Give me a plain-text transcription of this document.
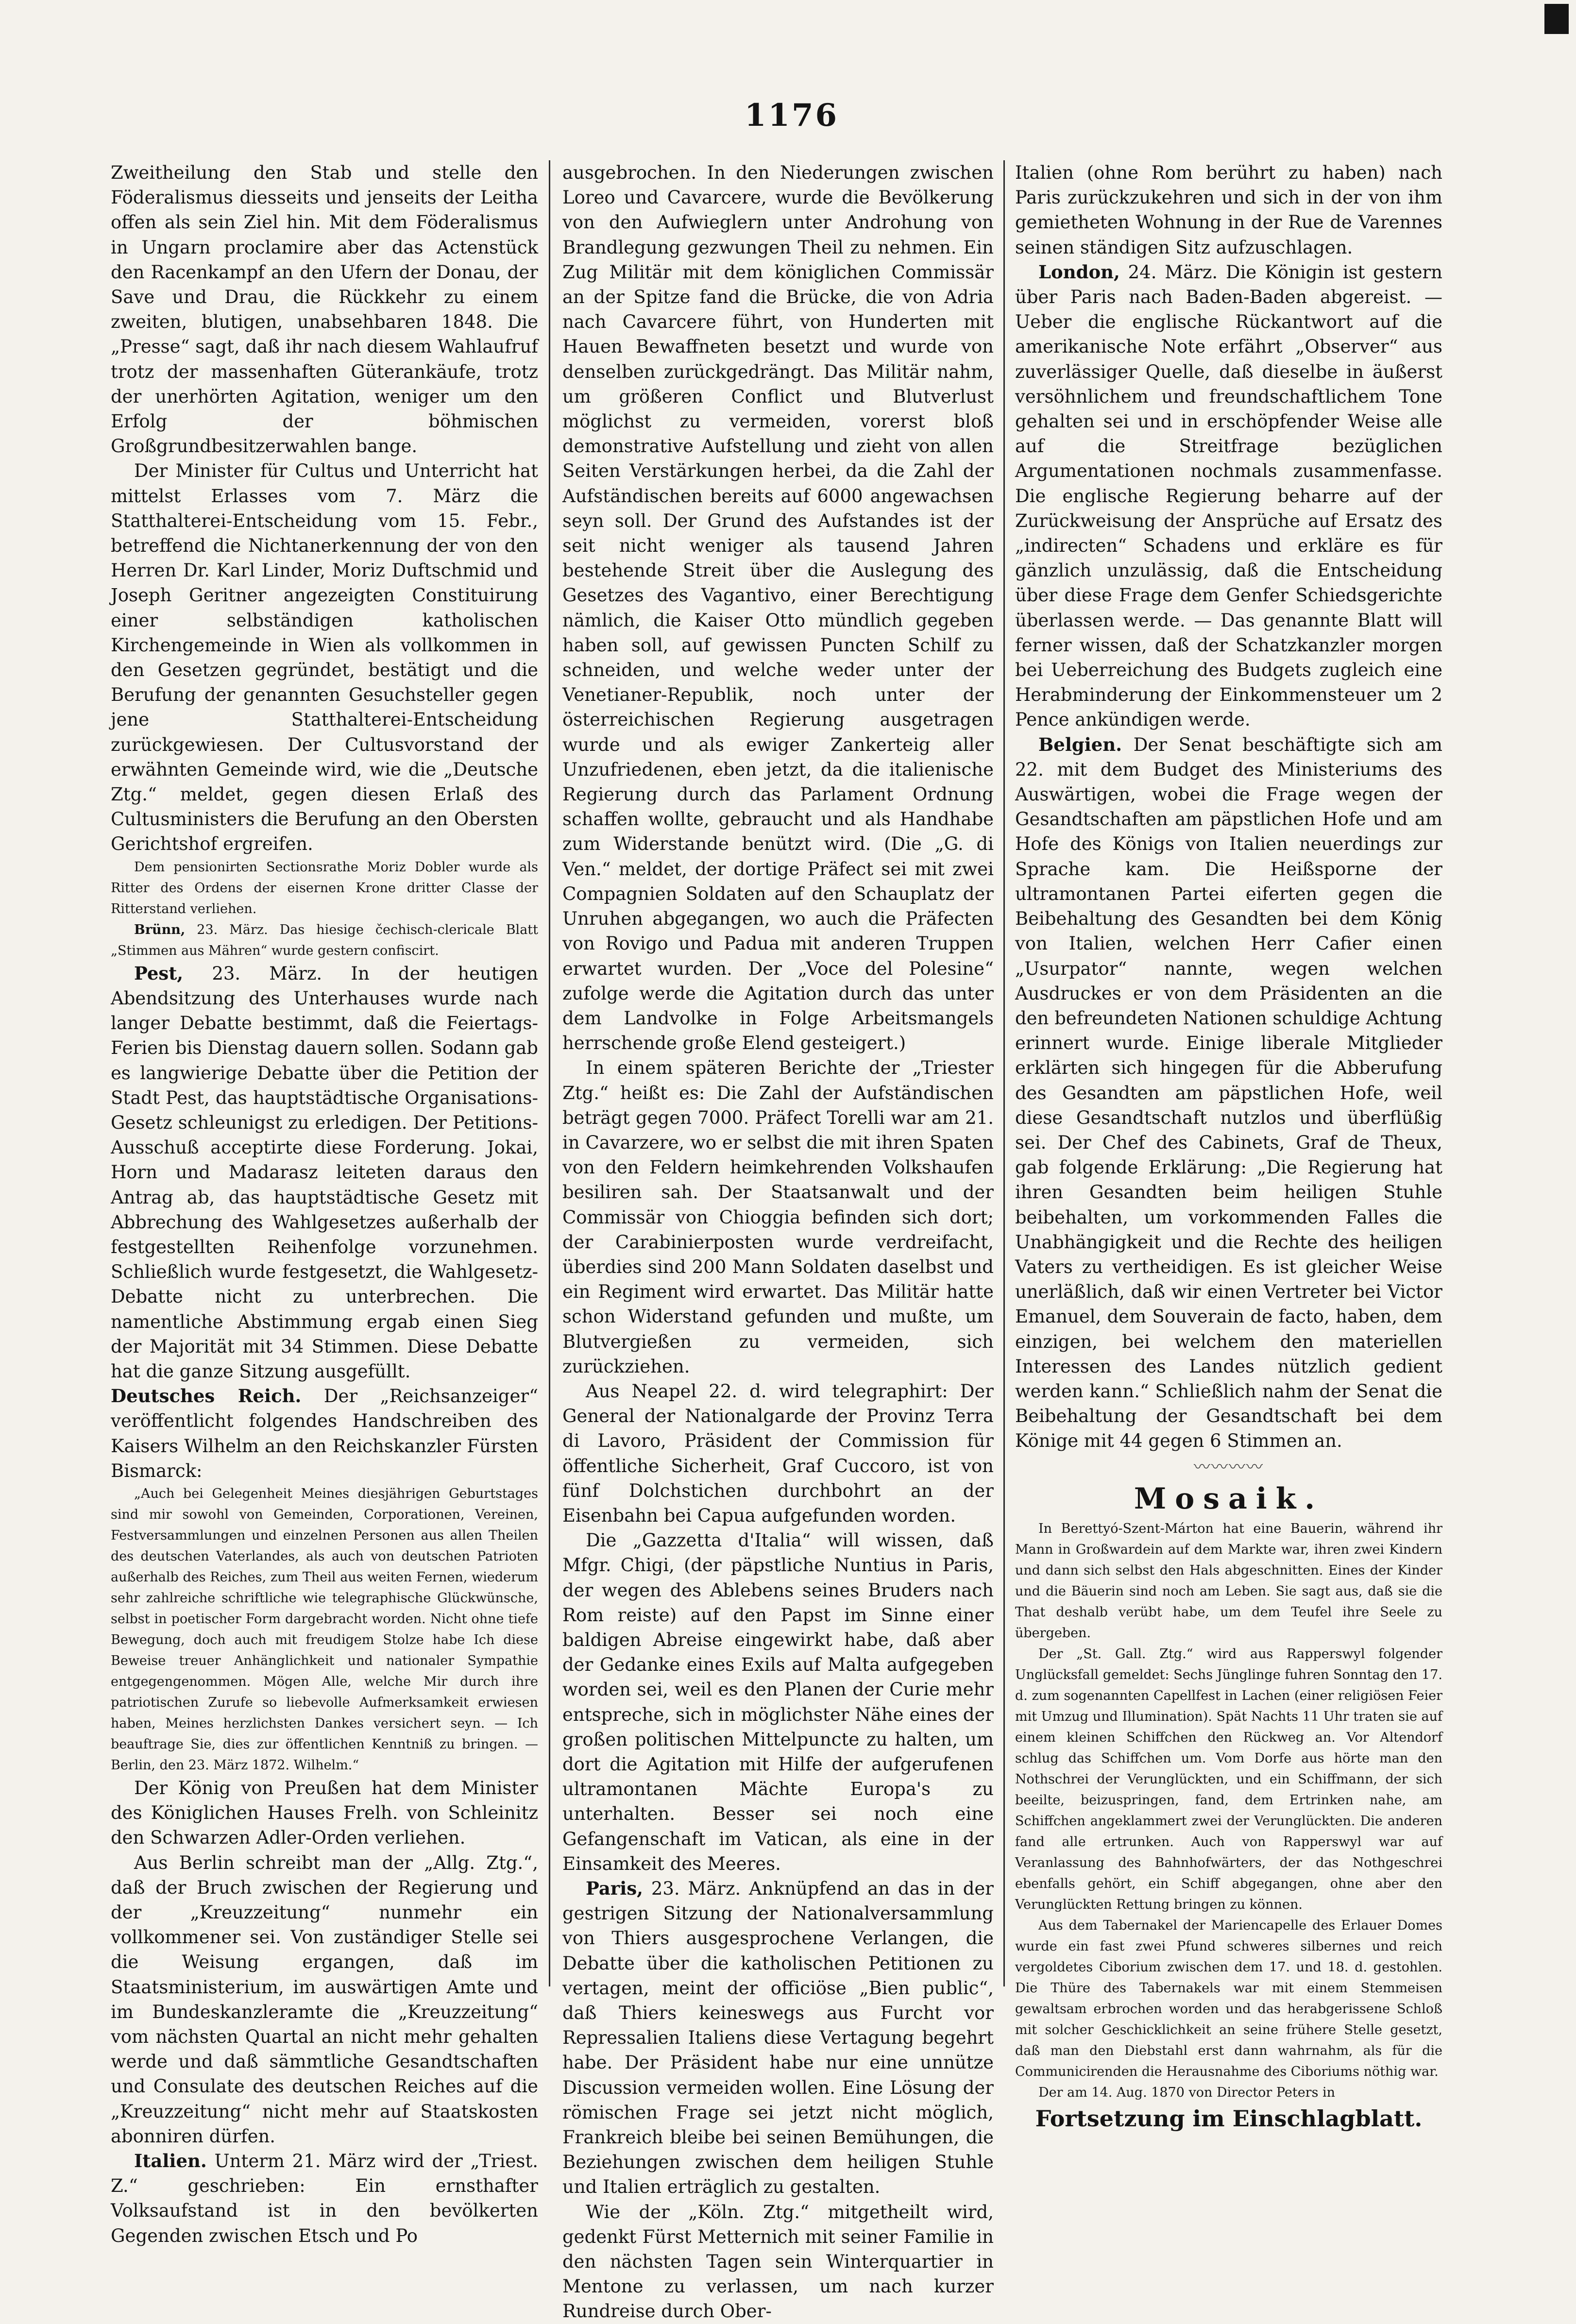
1176

Zweitheilung den Stab und stelle den Föderalismus diesseits und jenseits der Leitha offen als sein Ziel hin. Mit dem Föderalismus in Ungarn proclamire aber das Actenstück den Racenkampf an den Ufern der Donau, der Save und Drau, die Rückkehr zu einem zweiten, blutigen, unabsehbaren 1848. Die „Presse“ sagt, daß ihr nach diesem Wahlaufruf trotz der massenhaften Güterankäufe, trotz der unerhörten Agitation, weniger um den Erfolg der böhmischen Großgrundbesitzerwahlen bange.

Der Minister für Cultus und Unterricht hat mittelst Erlasses vom 7. März die Statthalterei-Entscheidung vom 15. Febr., betreffend die Nichtanerkennung der von den Herren Dr. Karl Linder, Moriz Duftschmid und Joseph Geritner angezeigten Constituirung einer selbständigen katholischen Kirchengemeinde in Wien als vollkommen in den Gesetzen gegründet, bestätigt und die Berufung der genannten Gesuchsteller gegen jene Statthalterei-Entscheidung zurückgewiesen. Der Cultusvorstand der erwähnten Gemeinde wird, wie die „Deutsche Ztg.“ meldet, gegen diesen Erlaß des Cultusministers die Berufung an den Obersten Gerichtshof ergreifen.

Dem pensionirten Sectionsrathe Moriz Dobler wurde als Ritter des Ordens der eisernen Krone dritter Classe der Ritterstand verliehen.

Brünn, 23. März. Das hiesige čechisch-clericale Blatt „Stimmen aus Mähren“ wurde gestern confiscirt.

Pest, 23. März. In der heutigen Abendsitzung des Unterhauses wurde nach langer Debatte bestimmt, daß die Feiertags-Ferien bis Dienstag dauern sollen. Sodann gab es langwierige Debatte über die Petition der Stadt Pest, das hauptstädtische Organisations-Gesetz schleunigst zu erledigen. Der Petitions-Ausschuß acceptirte diese Forderung. Jokai, Horn und Madarasz leiteten daraus den Antrag ab, das hauptstädtische Gesetz mit Abbrechung des Wahlgesetzes außerhalb der festgestellten Reihenfolge vorzunehmen. Schließlich wurde festgesetzt, die Wahlgesetz-Debatte nicht zu unterbrechen. Die namentliche Abstimmung ergab einen Sieg der Majorität mit 34 Stimmen. Diese Debatte hat die ganze Sitzung ausgefüllt.

Deutsches Reich. Der „Reichsanzeiger“ veröffentlicht folgendes Handschreiben des Kaisers Wilhelm an den Reichskanzler Fürsten Bismarck:

„Auch bei Gelegenheit Meines diesjährigen Geburtstages sind mir sowohl von Gemeinden, Corporationen, Vereinen, Festversammlungen und einzelnen Personen aus allen Theilen des deutschen Vaterlandes, als auch von deutschen Patrioten außerhalb des Reiches, zum Theil aus weiten Fernen, wiederum sehr zahlreiche schriftliche wie telegraphische Glückwünsche, selbst in poetischer Form dargebracht worden. Nicht ohne tiefe Bewegung, doch auch mit freudigem Stolze habe Ich diese Beweise treuer Anhänglichkeit und nationaler Sympathie entgegengenommen. Mögen Alle, welche Mir durch ihre patriotischen Zurufe so liebevolle Aufmerksamkeit erwiesen haben, Meines herzlichsten Dankes versichert seyn. — Ich beauftrage Sie, dies zur öffentlichen Kenntniß zu bringen. — Berlin, den 23. März 1872. Wilhelm.“

Der König von Preußen hat dem Minister des Königlichen Hauses Frelh. von Schleinitz den Schwarzen Adler-Orden verliehen.

Aus Berlin schreibt man der „Allg. Ztg.“, daß der Bruch zwischen der Regierung und der „Kreuzzeitung“ nunmehr ein vollkommener sei. Von zuständiger Stelle sei die Weisung ergangen, daß im Staatsministerium, im auswärtigen Amte und im Bundeskanzleramte die „Kreuzzeitung“ vom nächsten Quartal an nicht mehr gehalten werde und daß sämmtliche Gesandtschaften und Consulate des deutschen Reiches auf die „Kreuzzeitung“ nicht mehr auf Staatskosten abonniren dürfen.

Italien. Unterm 21. März wird der „Triest. Z.“ geschrieben: Ein ernsthafter Volksaufstand ist in den bevölkerten Gegenden zwischen Etsch und Po

ausgebrochen. In den Niederungen zwischen Loreo und Cavarcere, wurde die Bevölkerung von den Aufwieglern unter Androhung von Brandlegung gezwungen Theil zu nehmen. Ein Zug Militär mit dem königlichen Commissär an der Spitze fand die Brücke, die von Adria nach Cavarcere führt, von Hunderten mit Hauen Bewaffneten besetzt und wurde von denselben zurückgedrängt. Das Militär nahm, um größeren Conflict und Blutverlust möglichst zu vermeiden, vorerst bloß demonstrative Aufstellung und zieht von allen Seiten Verstärkungen herbei, da die Zahl der Aufständischen bereits auf 6000 angewachsen seyn soll. Der Grund des Aufstandes ist der seit nicht weniger als tausend Jahren bestehende Streit über die Auslegung des Gesetzes des Vagantivo, einer Berechtigung nämlich, die Kaiser Otto mündlich gegeben haben soll, auf gewissen Puncten Schilf zu schneiden, und welche weder unter der Venetianer-Republik, noch unter der österreichischen Regierung ausgetragen wurde und als ewiger Zankerteig aller Unzufriedenen, eben jetzt, da die italienische Regierung durch das Parlament Ordnung schaffen wollte, gebraucht und als Handhabe zum Widerstande benützt wird. (Die „G. di Ven.“ meldet, der dortige Präfect sei mit zwei Compagnien Soldaten auf den Schauplatz der Unruhen abgegangen, wo auch die Präfecten von Rovigo und Padua mit anderen Truppen erwartet wurden. Der „Voce del Polesine“ zufolge werde die Agitation durch das unter dem Landvolke in Folge Arbeitsmangels herrschende große Elend gesteigert.)

In einem späteren Berichte der „Triester Ztg.“ heißt es: Die Zahl der Aufständischen beträgt gegen 7000. Präfect Torelli war am 21. in Cavarzere, wo er selbst die mit ihren Spaten von den Feldern heimkehrenden Volkshaufen besiliren sah. Der Staatsanwalt und der Commissär von Chioggia befinden sich dort; der Carabinierposten wurde verdreifacht, überdies sind 200 Mann Soldaten daselbst und ein Regiment wird erwartet. Das Militär hatte schon Widerstand gefunden und mußte, um Blutvergießen zu vermeiden, sich zurückziehen.

Aus Neapel 22. d. wird telegraphirt: Der General der Nationalgarde der Provinz Terra di Lavoro, Präsident der Commission für öffentliche Sicherheit, Graf Cuccoro, ist von fünf Dolchstichen durchbohrt an der Eisenbahn bei Capua aufgefunden worden.

Die „Gazzetta d'Italia“ will wissen, daß Mfgr. Chigi, (der päpstliche Nuntius in Paris, der wegen des Ablebens seines Bruders nach Rom reiste) auf den Papst im Sinne einer baldigen Abreise eingewirkt habe, daß aber der Gedanke eines Exils auf Malta aufgegeben worden sei, weil es den Planen der Curie mehr entspreche, sich in möglichster Nähe eines der großen politischen Mittelpuncte zu halten, um dort die Agitation mit Hilfe der aufgerufenen ultramontanen Mächte Europa's zu unterhalten. Besser sei noch eine Gefangenschaft im Vatican, als eine in der Einsamkeit des Meeres.

Paris, 23. März. Anknüpfend an das in der gestrigen Sitzung der Nationalversammlung von Thiers ausgesprochene Verlangen, die Debatte über die katholischen Petitionen zu vertagen, meint der officiöse „Bien public“, daß Thiers keineswegs aus Furcht vor Repressalien Italiens diese Vertagung begehrt habe. Der Präsident habe nur eine unnütze Discussion vermeiden wollen. Eine Lösung der römischen Frage sei jetzt nicht möglich, Frankreich bleibe bei seinen Bemühungen, die Beziehungen zwischen dem heiligen Stuhle und Italien erträglich zu gestalten.

Wie der „Köln. Ztg.“ mitgetheilt wird, gedenkt Fürst Metternich mit seiner Familie in den nächsten Tagen sein Winterquartier in Mentone zu verlassen, um nach kurzer Rundreise durch Ober-

Italien (ohne Rom berührt zu haben) nach Paris zurückzukehren und sich in der von ihm gemietheten Wohnung in der Rue de Varennes seinen ständigen Sitz aufzuschlagen.

London, 24. März. Die Königin ist gestern über Paris nach Baden-Baden abgereist. — Ueber die englische Rückantwort auf die amerikanische Note erfährt „Observer“ aus zuverlässiger Quelle, daß dieselbe in äußerst versöhnlichem und freundschaftlichem Tone gehalten sei und in erschöpfender Weise alle auf die Streitfrage bezüglichen Argumentationen nochmals zusammenfasse. Die englische Regierung beharre auf der Zurückweisung der Ansprüche auf Ersatz des „indirecten“ Schadens und erkläre es für gänzlich unzulässig, daß die Entscheidung über diese Frage dem Genfer Schiedsgerichte überlassen werde. — Das genannte Blatt will ferner wissen, daß der Schatzkanzler morgen bei Ueberreichung des Budgets zugleich eine Herabminderung der Einkommensteuer um 2 Pence ankündigen werde.

Belgien. Der Senat beschäftigte sich am 22. mit dem Budget des Ministeriums des Auswärtigen, wobei die Frage wegen der Gesandtschaften am päpstlichen Hofe und am Hofe des Königs von Italien neuerdings zur Sprache kam. Die Heißsporne der ultramontanen Partei eiferten gegen die Beibehaltung des Gesandten bei dem König von Italien, welchen Herr Cafier einen „Usurpator“ nannte, wegen welchen Ausdruckes er von dem Präsidenten an die den befreundeten Nationen schuldige Achtung erinnert wurde. Einige liberale Mitglieder erklärten sich hingegen für die Abberufung des Gesandten am päpstlichen Hofe, weil diese Gesandtschaft nutzlos und überflüßig sei. Der Chef des Cabinets, Graf de Theux, gab folgende Erklärung: „Die Regierung hat ihren Gesandten beim heiligen Stuhle beibehalten, um vorkommenden Falles die Unabhängigkeit und die Rechte des heiligen Vaters zu vertheidigen. Es ist gleicher Weise unerläßlich, daß wir einen Vertreter bei Victor Emanuel, dem Souverain de facto, haben, dem einzigen, bei welchem den materiellen Interessen des Landes nützlich gedient werden kann.“ Schließlich nahm der Senat die Beibehaltung der Gesandtschaft bei dem Könige mit 44 gegen 6 Stimmen an.

〰〰〰〰
Mosaik.

In Berettyó-Szent-Márton hat eine Bauerin, während ihr Mann in Großwardein auf dem Markte war, ihren zwei Kindern und dann sich selbst den Hals abgeschnitten. Eines der Kinder und die Bäuerin sind noch am Leben. Sie sagt aus, daß sie die That deshalb verübt habe, um dem Teufel ihre Seele zu übergeben.

Der „St. Gall. Ztg.“ wird aus Rapperswyl folgender Unglücksfall gemeldet: Sechs Jünglinge fuhren Sonntag den 17. d. zum sogenannten Capellfest in Lachen (einer religiösen Feier mit Umzug und Illumination). Spät Nachts 11 Uhr traten sie auf einem kleinen Schiffchen den Rückweg an. Vor Altendorf schlug das Schiffchen um. Vom Dorfe aus hörte man den Nothschrei der Verunglückten, und ein Schiffmann, der sich beeilte, beizuspringen, fand, dem Ertrinken nahe, am Schiffchen angeklammert zwei der Verunglückten. Die anderen fand alle ertrunken. Auch von Rapperswyl war auf Veranlassung des Bahnhofwärters, der das Nothgeschrei ebenfalls gehört, ein Schiff abgegangen, ohne aber den Verunglückten Rettung bringen zu können.

Aus dem Tabernakel der Mariencapelle des Erlauer Domes wurde ein fast zwei Pfund schweres silbernes und reich vergoldetes Ciborium zwischen dem 17. und 18. d. gestohlen. Die Thüre des Tabernakels war mit einem Stemmeisen gewaltsam erbrochen worden und das herabgerissene Schloß mit solcher Geschicklichkeit an seine frühere Stelle gesetzt, daß man den Diebstahl erst dann wahrnahm, als für die Communicirenden die Herausnahme des Ciboriums nöthig war.

Der am 14. Aug. 1870 von Director Peters in

Fortsetzung im Einschlagblatt.
